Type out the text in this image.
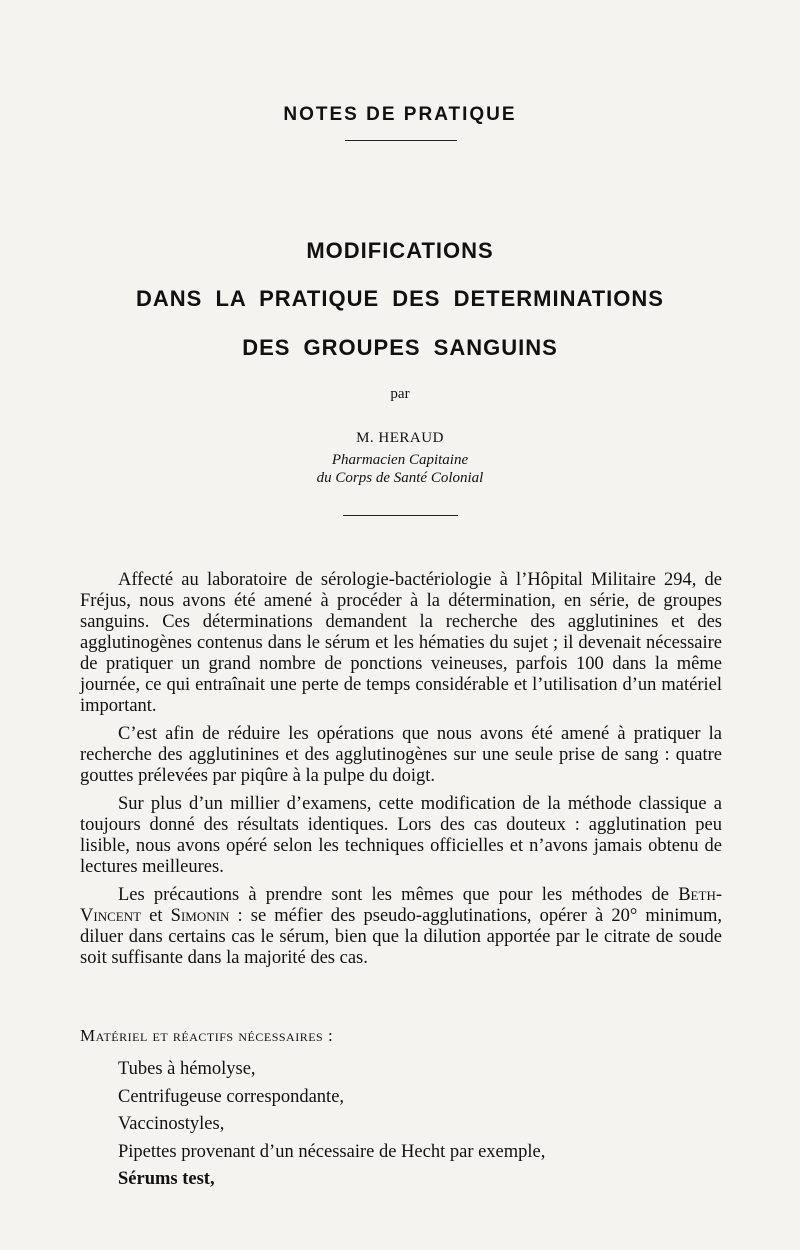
NOTES DE PRATIQUE
MODIFICATIONS
DANS LA PRATIQUE DES DETERMINATIONS
DES GROUPES SANGUINS
par
M. HERAUD
Pharmacien Capitaine
du Corps de Santé Colonial

Affecté au laboratoire de sérologie-bactériologie à l’Hôpital Militaire 294, de Fréjus, nous avons été amené à procéder à la détermination, en série, de groupes sanguins. Ces déterminations demandent la recherche des agglutinines et des agglutinogènes contenus dans le sérum et les hématies du sujet ; il devenait nécessaire de pratiquer un grand nombre de ponctions veineuses, parfois 100 dans la même journée, ce qui entraînait une perte de temps considérable et l’utilisation d’un matériel important.

C’est afin de réduire les opérations que nous avons été amené à pratiquer la recherche des agglutinines et des agglutinogènes sur une seule prise de sang : quatre gouttes prélevées par piqûre à la pulpe du doigt.

Sur plus d’un millier d’examens, cette modification de la méthode classique a toujours donné des résultats identiques. Lors des cas douteux : agglutination peu lisible, nous avons opéré selon les techniques officielles et n’avons jamais obtenu de lectures meilleures.

Les précautions à prendre sont les mêmes que pour les méthodes de Beth-Vincent et Simonin : se méfier des pseudo-agglutinations, opérer à 20° minimum, diluer dans certains cas le sérum, bien que la dilution apportée par le citrate de soude soit suffisante dans la majorité des cas.

Matériel et réactifs nécessaires :
Tubes à hémolyse,
Centrifugeuse correspondante,
Vaccinostyles,
Pipettes provenant d’un nécessaire de Hecht par exemple,
Sérums test,
